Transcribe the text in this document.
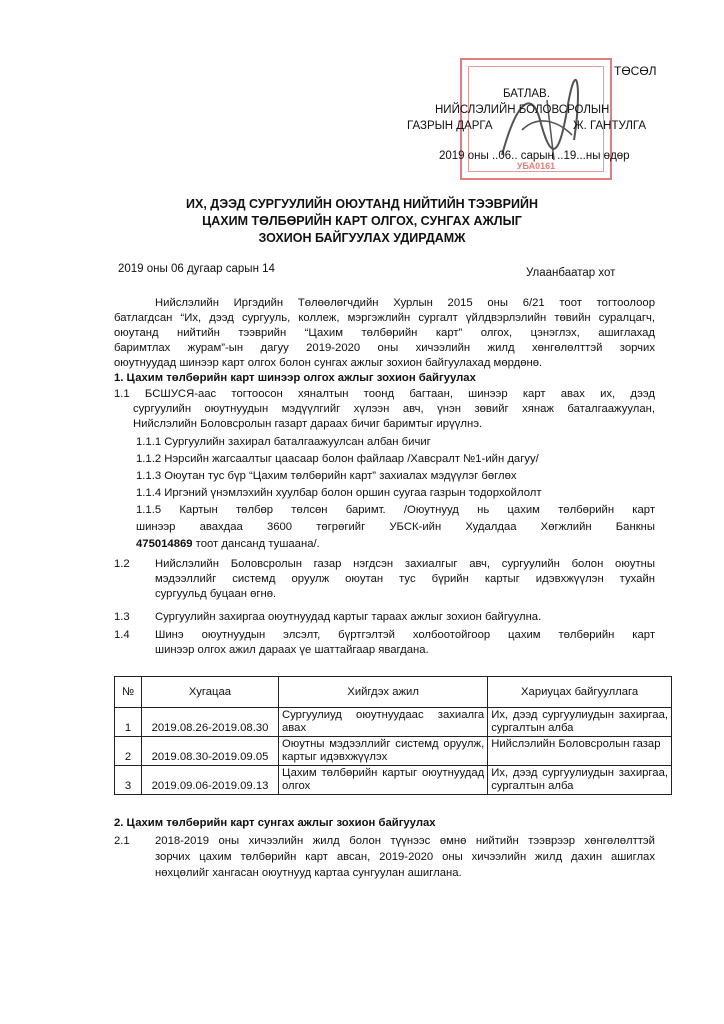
УБА0161
ТӨСӨЛ
БАТЛАВ.
НИЙСЛЭЛИЙН БОЛОВСРОЛЫН
ГАЗРЫН ДАРГА	Ж. ГАНТУЛГА
2019 оны ..06.. сарын ..19...ны өдөр
ИХ, ДЭЭД СУРГУУЛИЙН ОЮУТАНД НИЙТИЙН ТЭЭВРИЙН
ЦАХИМ ТӨЛБӨРИЙН КАРТ ОЛГОХ, СУНГАХ АЖЛЫГ
ЗОХИОН БАЙГУУЛАХ УДИРДАМЖ
2019 оны 06 дугаар сарын 14	Улаанбаатар хот
Нийслэлийн Иргэдийн Төлөөлөгчдийн Хурлын 2015 оны 6/21 тоот тогтоолоор
батлагдсан “Их, дээд сургууль, коллеж, мэргэжлийн сургалт үйлдвэрлэлийн төвийн суралцагч,
оюутанд нийтийн тээврийн “Цахим төлбөрийн карт” олгох, цэнэглэх, ашиглахад
баримтлах журам”-ын дагуу 2019-2020 оны хичээлийн жилд хөнгөлөлттэй зорчих
оюутнуудад шинээр карт олгох болон сунгах ажлыг зохион байгуулахад мөрдөнө.
1. Цахим төлбөрийн карт шинээр олгох ажлыг зохион байгуулах
1.1 БСШУСЯ-аас тогтоосон хяналтын тоонд багтаан, шинээр карт авах их, дээд
сургуулийн оюутнуудын мэдүүлгийг хүлээн авч, үнэн зөвийг хянаж баталгаажуулан,
Нийслэлийн Боловсролын газарт дараах бичиг баримтыг ирүүлнэ.
1.1.1 Сургуулийн захирал баталгаажуулсан албан бичиг
1.1.2 Нэрсийн жагсаалтыг цаасаар болон файлаар /Хавсралт №1-ийн дагуу/
1.1.3 Оюутан тус бүр “Цахим төлбөрийн карт” захиалах мэдүүлэг бөглөх
1.1.4 Иргэний үнэмлэхийн хуулбар болон оршин суугаа газрын тодорхойлолт
1.1.5 Картын төлбөр төлсөн баримт. /Оюутнууд нь цахим төлбөрийн карт
шинээр авахдаа 3600 төгрөгийг УБСК-ийн Худалдаа Хөгжлийн Банкны
475014869 тоот дансанд тушаана/.
1.2 Нийслэлийн Боловсролын газар нэгдсэн захиалгыг авч, сургуулийн болон оюутны
мэдээллийг системд оруулж оюутан тус бүрийн картыг идэвхжүүлэн тухайн
сургуульд буцаан өгнө.
1.3 Сургуулийн захиргаа оюутнуудад картыг тараах ажлыг зохион байгуулна.
1.4 Шинэ оюутнуудын элсэлт, бүртгэлтэй холбоотойгоор цахим төлбөрийн карт
шинээр олгох ажил дараах үе шаттайгаар явагдана.
№	Хугацаа	Хийгдэх ажил	Хариуцах байгууллага
1	2019.08.26-2019.08.30	Сургуулиуд оюутнуудаас захиалга авах	Их, дээд сургуулиудын захиргаа, сургалтын алба
2	2019.08.30-2019.09.05	Оюутны мэдээллийг системд оруулж, картыг идэвхжүүлэх	Нийслэлийн Боловсролын газар
3	2019.09.06-2019.09.13	Цахим төлбөрийн картыг оюутнуудад олгох	Их, дээд сургуулиудын захиргаа, сургалтын алба
2. Цахим төлбөрийн карт сунгах ажлыг зохион байгуулах
2.1 2018-2019 оны хичээлийн жилд болон түүнээс өмнө нийтийн тээврээр хөнгөлөлттэй
зорчих цахим төлбөрийн карт авсан, 2019-2020 оны хичээлийн жилд дахин ашиглах
нөхцөлийг хангасан оюутнууд картаа сунгуулан ашиглана.
